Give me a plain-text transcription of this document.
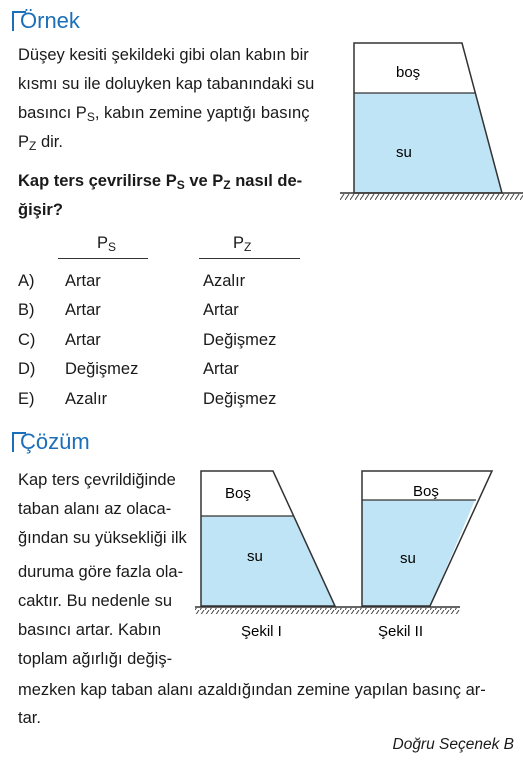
Örnek
Düşey kesiti şekildeki gibi olan kabın bir
kısmı su ile doluyken kap tabanındaki su
basıncı $P_S$, kabın zemine yaptığı basınç
$P_Z$ dir.
Kap ters çevrilirse $P_S$ ve $P_Z$ nasıl de-
ğişir?
boş
su
$P_S$	$P_Z$
A) Artar	Azalır
B) Artar	Artar
C) Artar	Değişmez
D) Değişmez	Artar
E) Azalır	Değişmez
Çözüm
Kap ters çevrildiğinde
taban alanı az olaca-
ğından su yüksekliği ilk
duruma göre fazla ola-
caktır. Bu nedenle su
basıncı artar. Kabın
toplam ağırlığı değiş-
mezken kap taban alanı azaldığından zemine yapılan basınç ar-
tar.
Boş
su
Şekil I
Boş
su
Şekil II
Doğru Seçenek B
